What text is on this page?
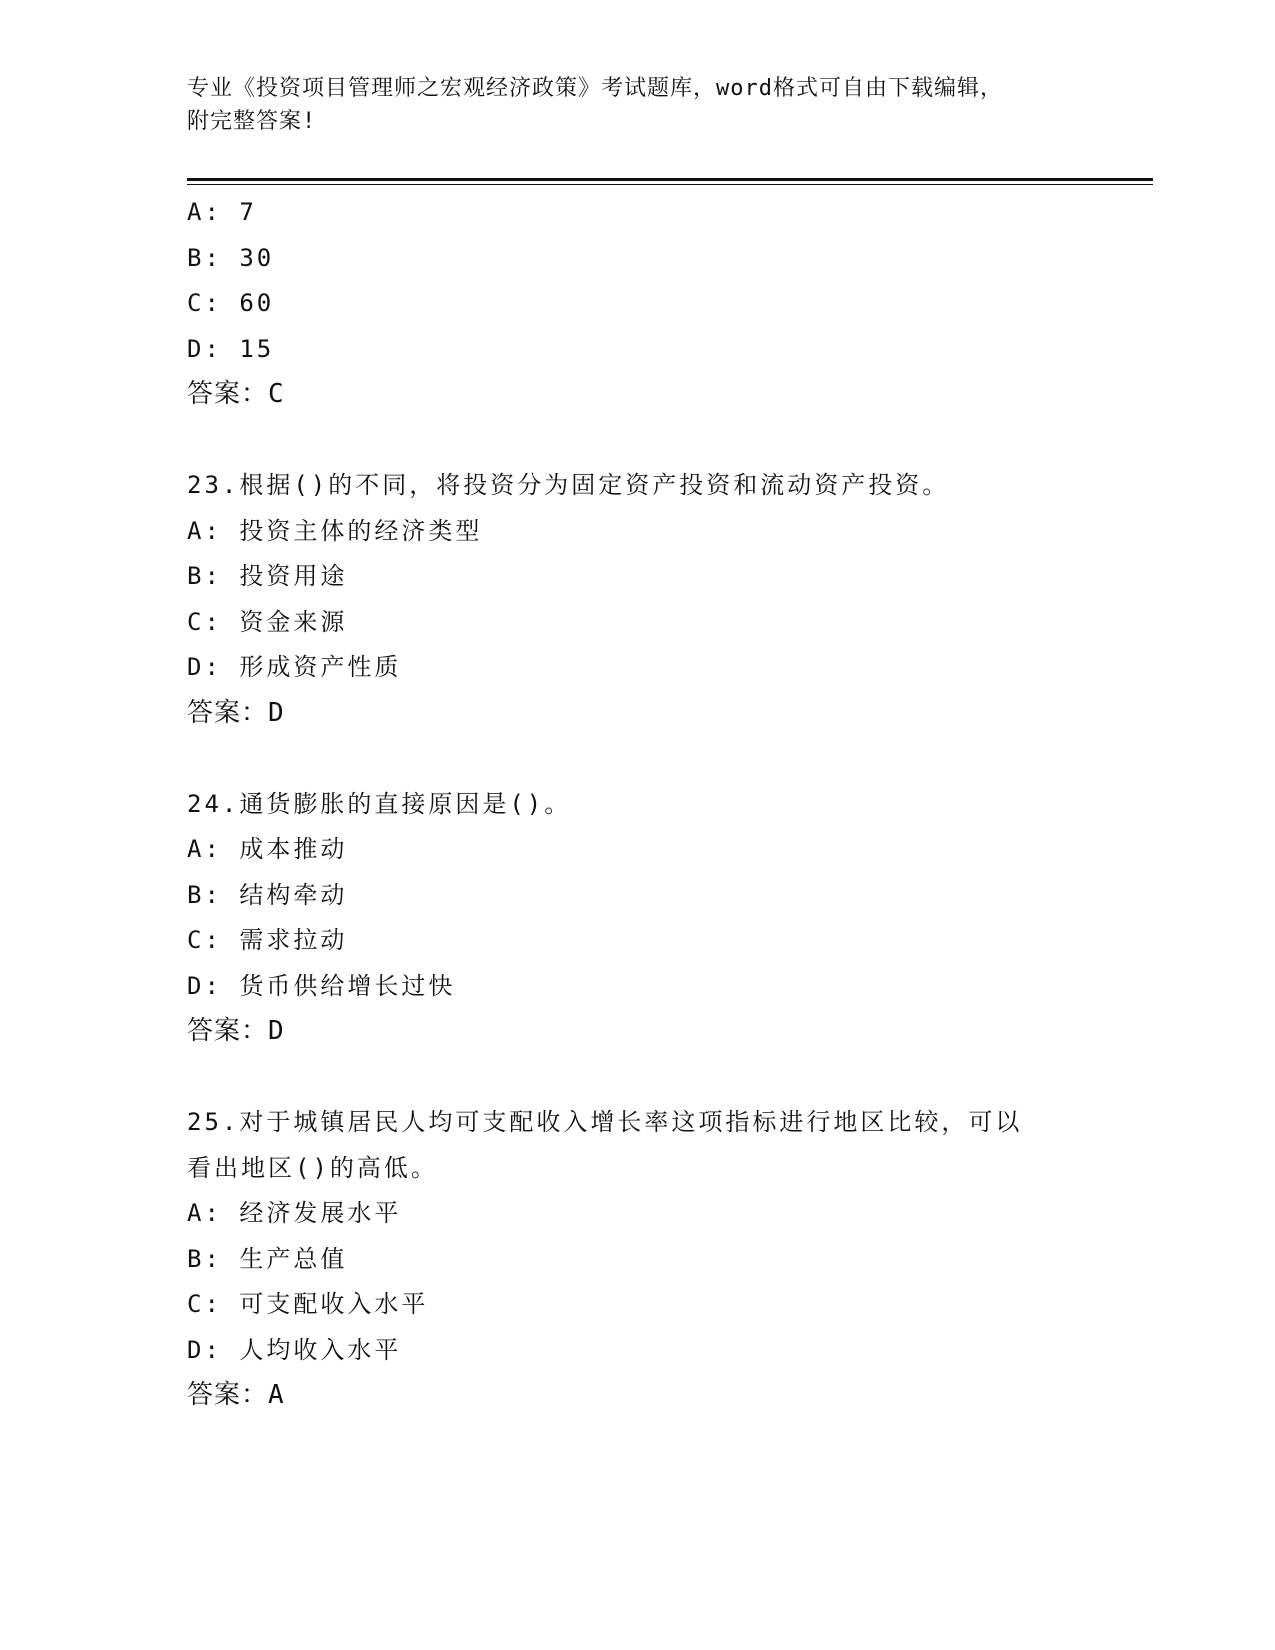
专业《投资项目管理师之宏观经济政策》考试题库，word格式可自由下载编辑，
附完整答案!
A: 7
B: 30
C: 60
D: 15
答案：C
23.根据()的不同，将投资分为固定资产投资和流动资产投资。
A: 投资主体的经济类型
B: 投资用途
C: 资金来源
D: 形成资产性质
答案：D
24.通货膨胀的直接原因是()。
A: 成本推动
B: 结构牵动
C: 需求拉动
D: 货币供给增长过快
答案：D
25.对于城镇居民人均可支配收入增长率这项指标进行地区比较，可以
看出地区()的高低。
A: 经济发展水平
B: 生产总值
C: 可支配收入水平
D: 人均收入水平
答案：A
